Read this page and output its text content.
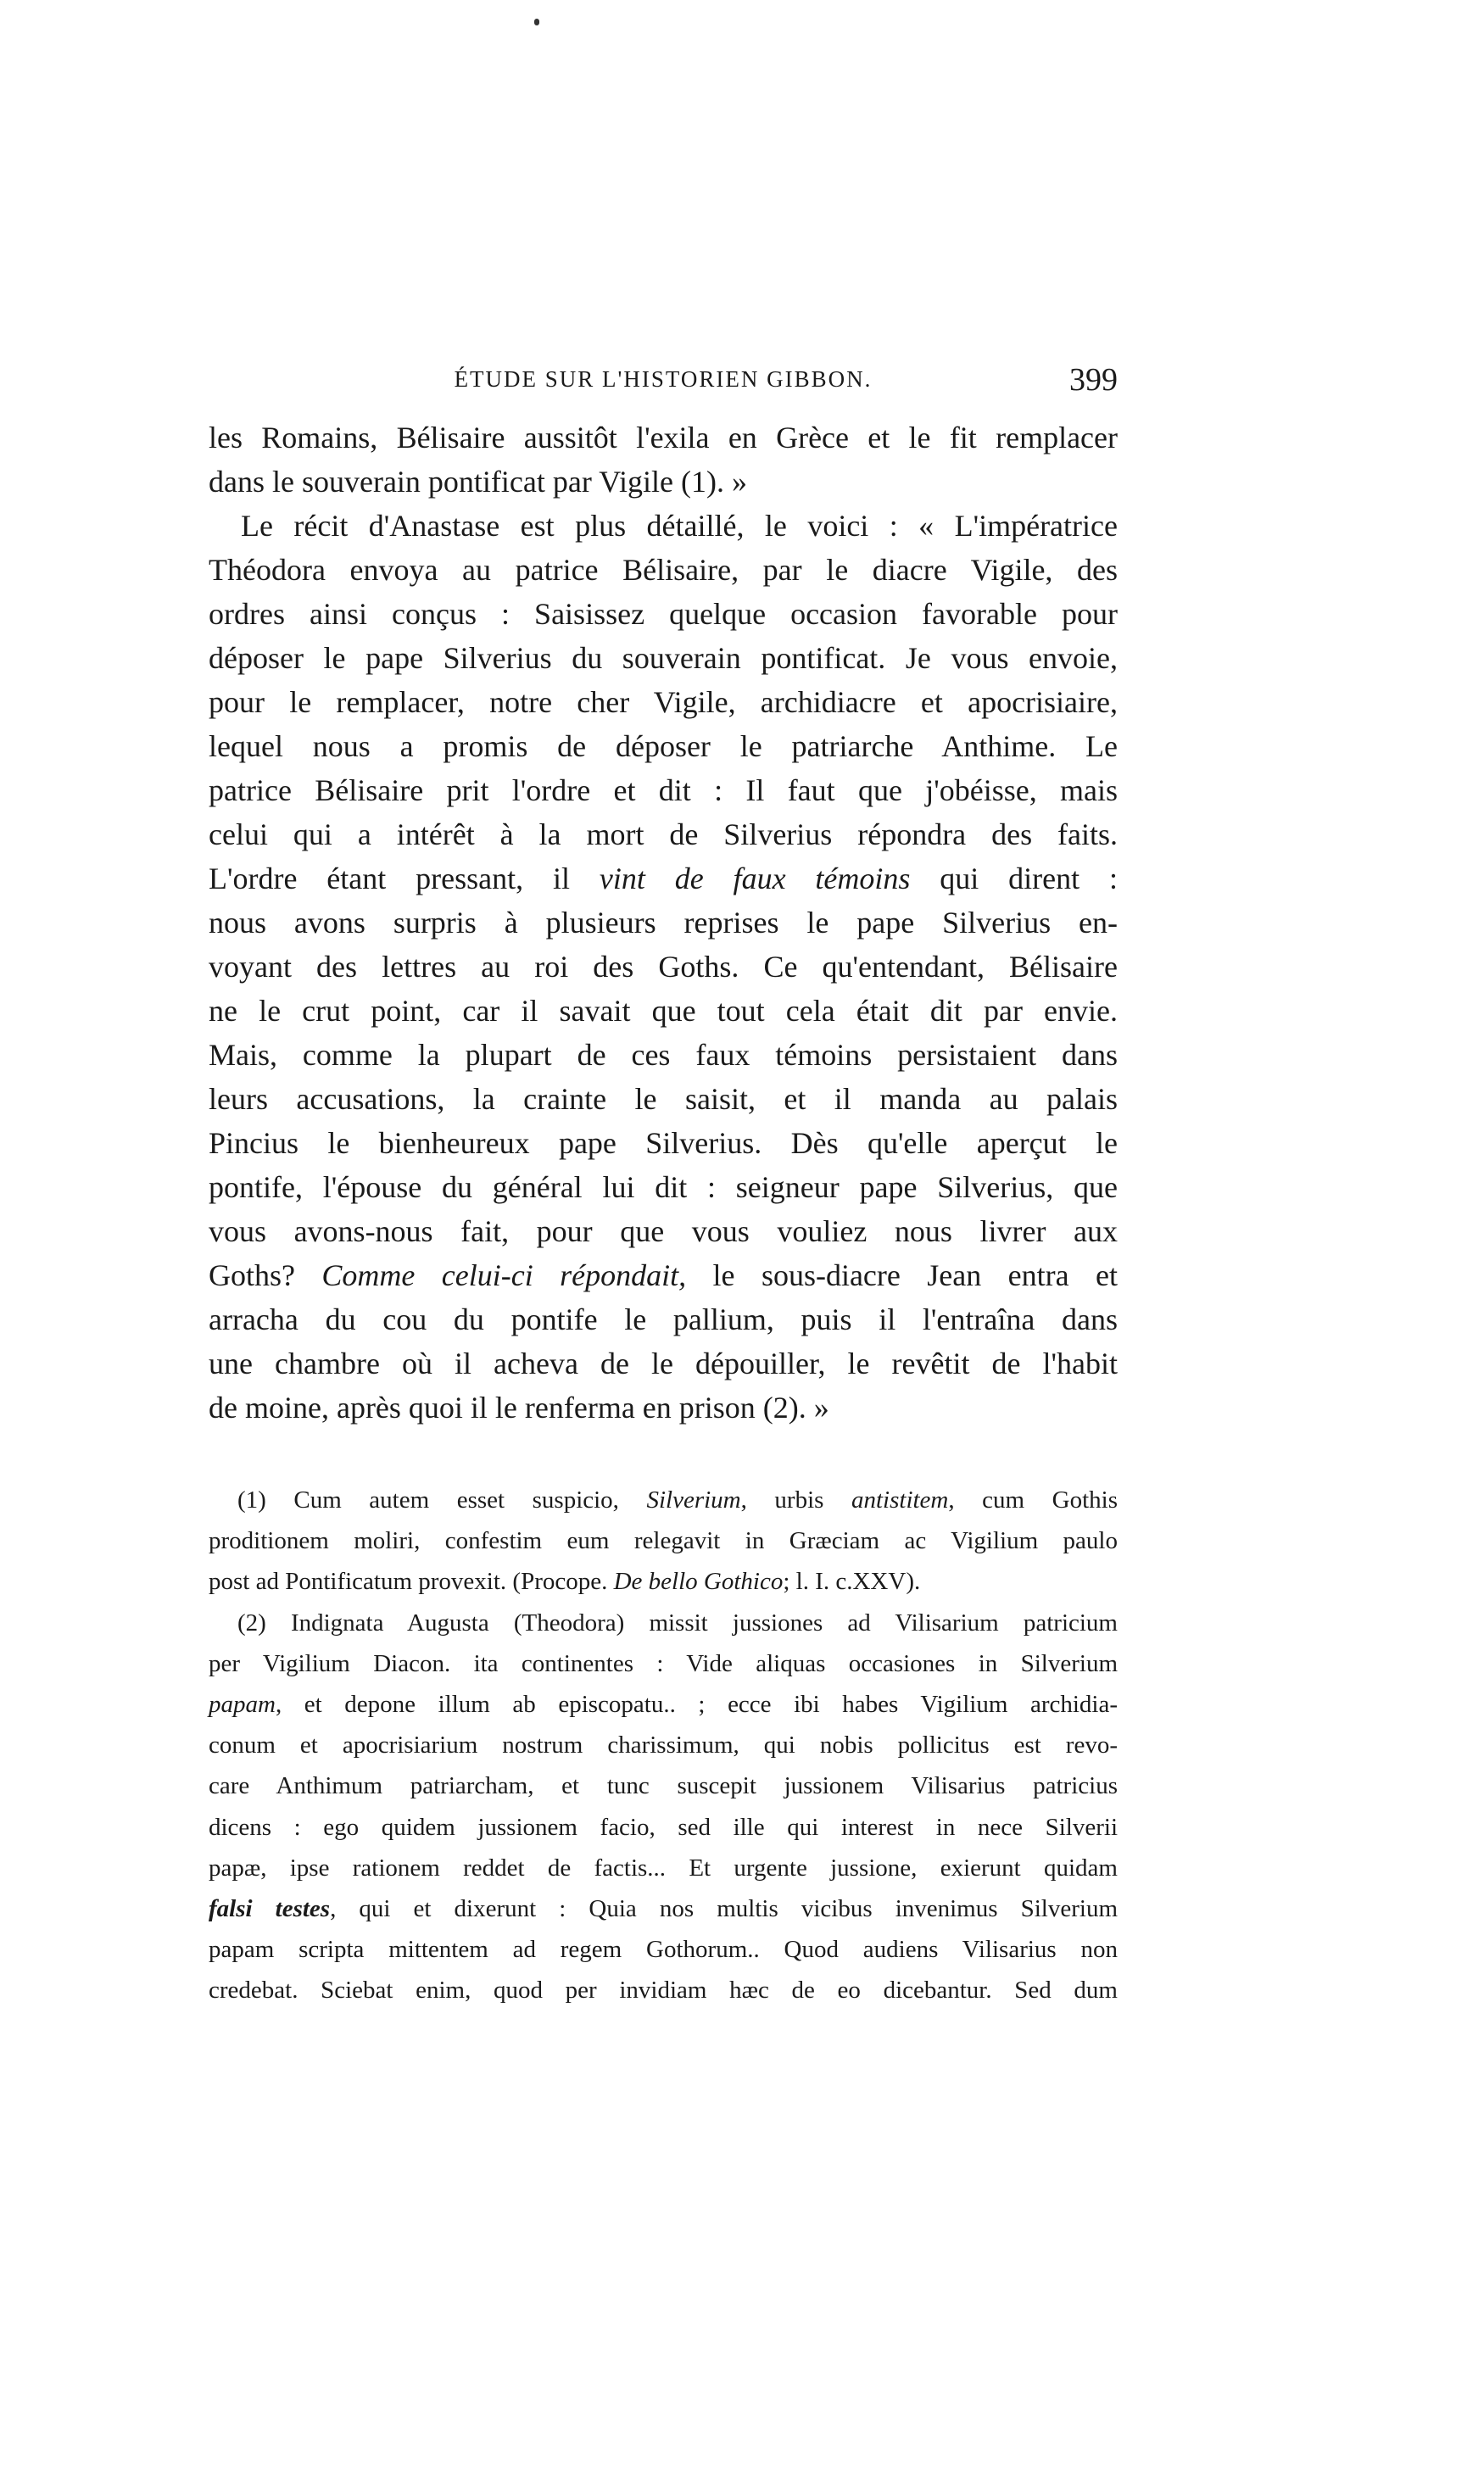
ÉTUDE SUR L'HISTORIEN GIBBON.	399
les Romains, Bélisaire aussitôt l'exila en Grèce et le fit remplacer
dans le souverain pontificat par Vigile (1). »
Le récit d'Anastase est plus détaillé, le voici : « L'impératrice
Théodora envoya au patrice Bélisaire, par le diacre Vigile, des
ordres ainsi conçus : Saisissez quelque occasion favorable pour
déposer le pape Silverius du souverain pontificat. Je vous envoie,
pour le remplacer, notre cher Vigile, archidiacre et apocrisiaire,
lequel nous a promis de déposer le patriarche Anthime. Le
patrice Bélisaire prit l'ordre et dit : Il faut que j'obéisse, mais
celui qui a intérêt à la mort de Silverius répondra des faits.
L'ordre étant pressant, il vint de faux témoins qui dirent :
nous avons surpris à plusieurs reprises le pape Silverius en-
voyant des lettres au roi des Goths. Ce qu'entendant, Bélisaire
ne le crut point, car il savait que tout cela était dit par envie.
Mais, comme la plupart de ces faux témoins persistaient dans
leurs accusations, la crainte le saisit, et il manda au palais
Pincius le bienheureux pape Silverius. Dès qu'elle aperçut le
pontife, l'épouse du général lui dit : seigneur pape Silverius, que
vous avons-nous fait, pour que vous vouliez nous livrer aux
Goths? Comme celui-ci répondait, le sous-diacre Jean entra et
arracha du cou du pontife le pallium, puis il l'entraîna dans
une chambre où il acheva de le dépouiller, le revêtit de l'habit
de moine, après quoi il le renferma en prison (2). »
(1) Cum autem esset suspicio, Silverium, urbis antistitem, cum Gothis
proditionem moliri, confestim eum relegavit in Græciam ac Vigilium paulo
post ad Pontificatum provexit. (Procope. De bello Gothico; l. I. c.XXV).
(2) Indignata Augusta (Theodora) missit jussiones ad Vilisarium patricium
per Vigilium Diacon. ita continentes : Vide aliquas occasiones in Silverium
papam, et depone illum ab episcopatu.. ; ecce ibi habes Vigilium archidia-
conum et apocrisiarium nostrum charissimum, qui nobis pollicitus est revo-
care Anthimum patriarcham, et tunc suscepit jussionem Vilisarius patricius
dicens : ego quidem jussionem facio, sed ille qui interest in nece Silverii
papæ, ipse rationem reddet de factis... Et urgente jussione, exierunt quidam
falsi testes, qui et dixerunt : Quia nos multis vicibus invenimus Silverium
papam scripta mittentem ad regem Gothorum.. Quod audiens Vilisarius non
credebat. Sciebat enim, quod per invidiam hæc de eo dicebantur. Sed dum
